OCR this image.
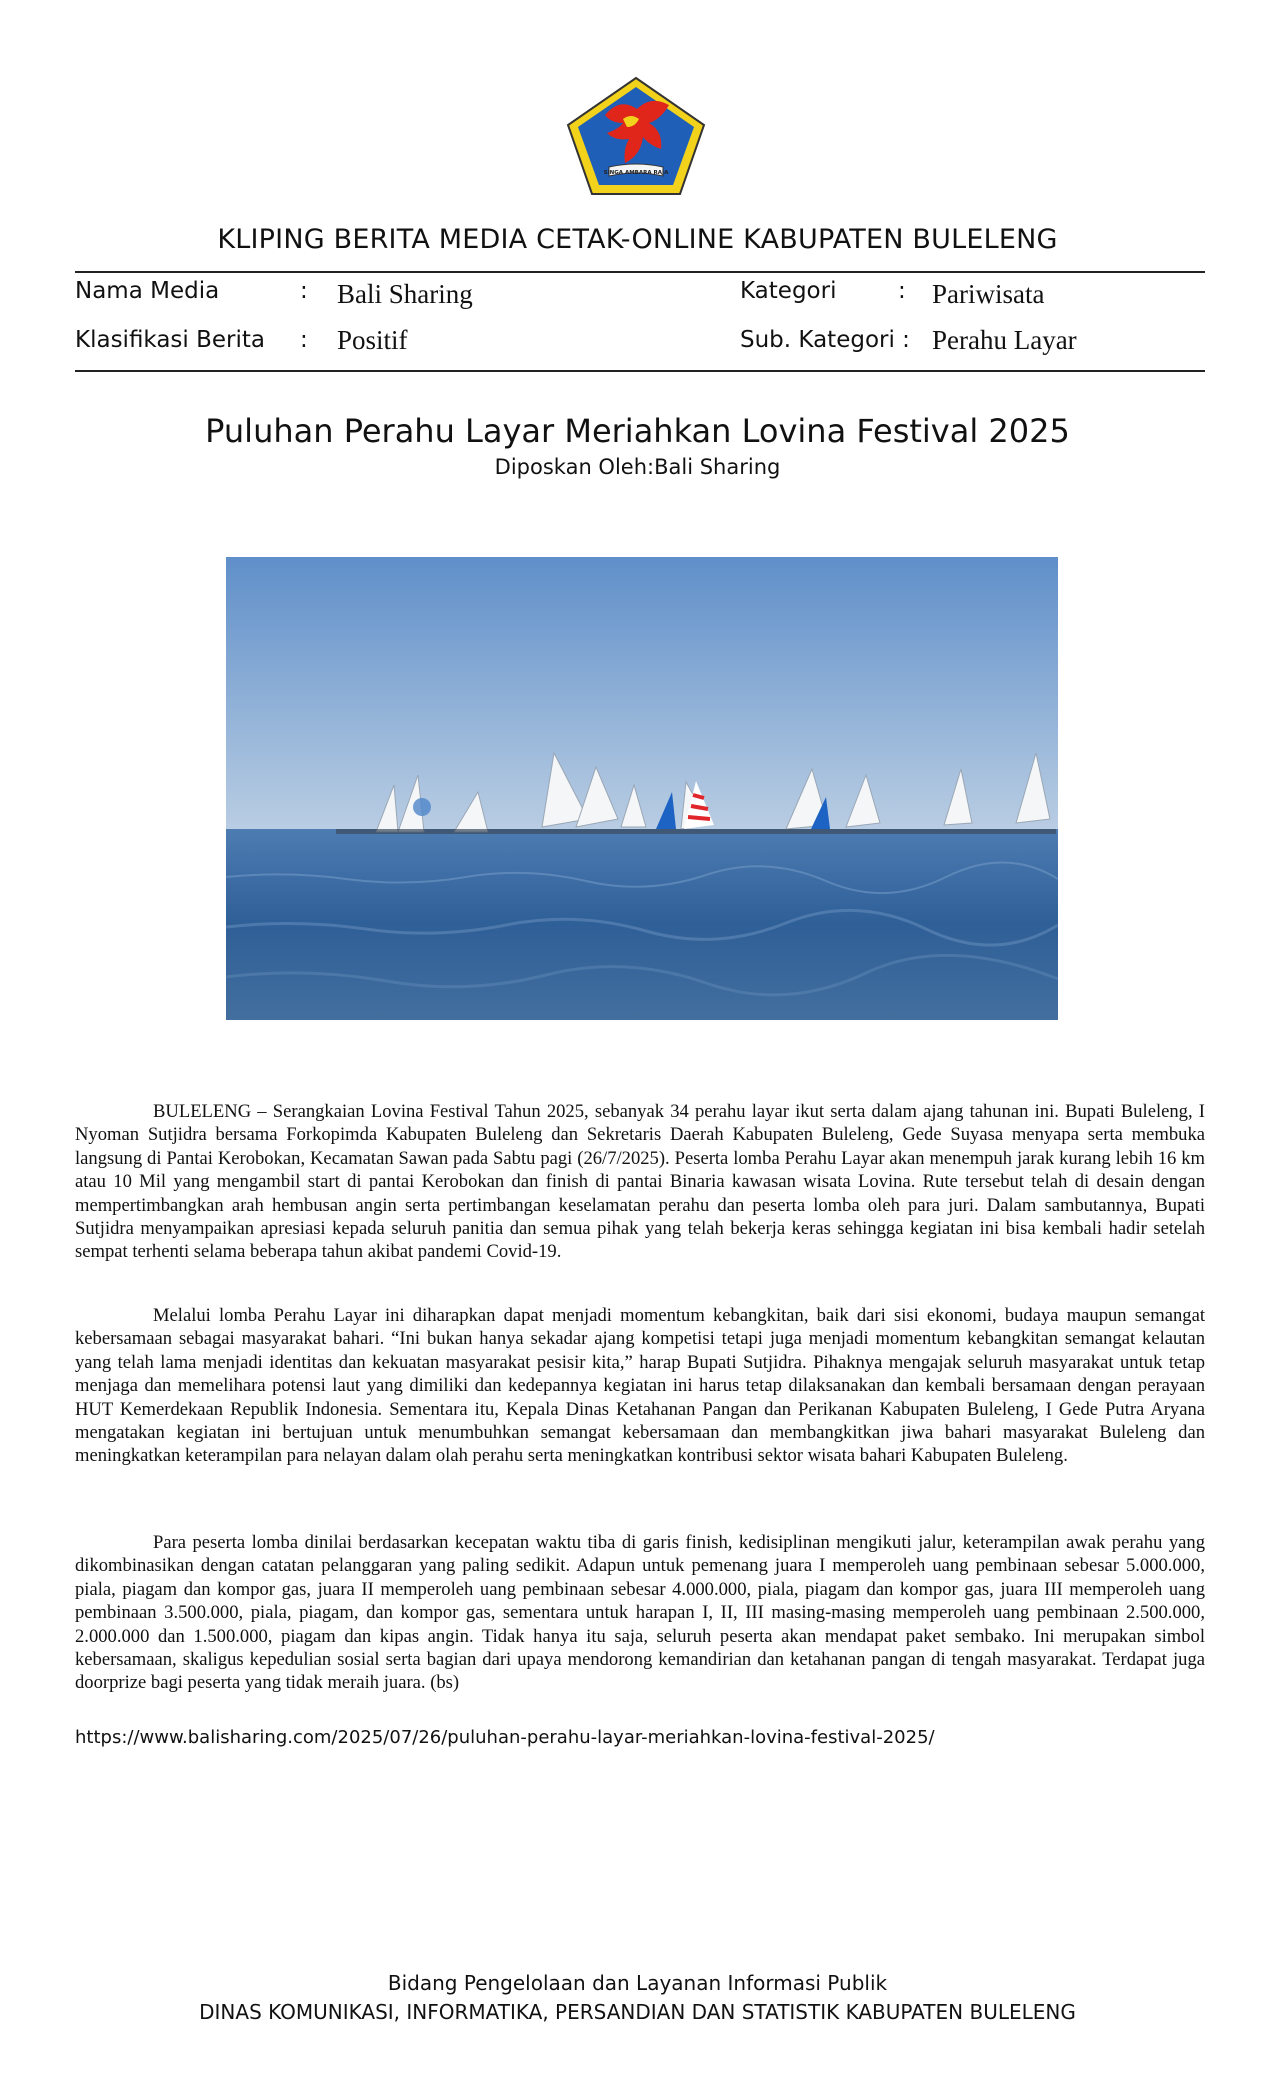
SINGA AMBARA RAJA
KLIPING BERITA MEDIA CETAK-ONLINE KABUPATEN BULELENG
Nama Media	: Bali Sharing	Kategori	: Pariwisata
Klasifikasi Berita : Positif	Sub. Kategori : Perahu Layar
Puluhan Perahu Layar Meriahkan Lovina Festival 2025
Diposkan Oleh:Bali Sharing

BULELENG – Serangkaian Lovina Festival Tahun 2025, sebanyak 34 perahu layar ikut serta dalam ajang tahunan ini. Bupati Buleleng, I Nyoman Sutjidra bersama Forkopimda Kabupaten Buleleng dan Sekretaris Daerah Kabupaten Buleleng, Gede Suyasa menyapa serta membuka langsung di Pantai Kerobokan, Kecamatan Sawan pada Sabtu pagi (26/7/2025). Peserta lomba Perahu Layar akan menempuh jarak kurang lebih 16 km atau 10 Mil yang mengambil start di pantai Kerobokan dan finish di pantai Binaria kawasan wisata Lovina. Rute tersebut telah di desain dengan mempertimbangkan arah hembusan angin serta pertimbangan keselamatan perahu dan peserta lomba oleh para juri. Dalam sambutannya, Bupati Sutjidra menyampaikan apresiasi kepada seluruh panitia dan semua pihak yang telah bekerja keras sehingga kegiatan ini bisa kembali hadir setelah sempat terhenti selama beberapa tahun akibat pandemi Covid-19.

Melalui lomba Perahu Layar ini diharapkan dapat menjadi momentum kebangkitan, baik dari sisi ekonomi, budaya maupun semangat kebersamaan sebagai masyarakat bahari. “Ini bukan hanya sekadar ajang kompetisi tetapi juga menjadi momentum kebangkitan semangat kelautan yang telah lama menjadi identitas dan kekuatan masyarakat pesisir kita,” harap Bupati Sutjidra. Pihaknya mengajak seluruh masyarakat untuk tetap menjaga dan memelihara potensi laut yang dimiliki dan kedepannya kegiatan ini harus tetap dilaksanakan dan kembali bersamaan dengan perayaan HUT Kemerdekaan Republik Indonesia. Sementara itu, Kepala Dinas Ketahanan Pangan dan Perikanan Kabupaten Buleleng, I Gede Putra Aryana mengatakan kegiatan ini bertujuan untuk menumbuhkan semangat kebersamaan dan membangkitkan jiwa bahari masyarakat Buleleng dan meningkatkan keterampilan para nelayan dalam olah perahu serta meningkatkan kontribusi sektor wisata bahari Kabupaten Buleleng.

Para peserta lomba dinilai berdasarkan kecepatan waktu tiba di garis finish, kedisiplinan mengikuti jalur, keterampilan awak perahu yang dikombinasikan dengan catatan pelanggaran yang paling sedikit. Adapun untuk pemenang juara I memperoleh uang pembinaan sebesar 5.000.000, piala, piagam dan kompor gas, juara II memperoleh uang pembinaan sebesar 4.000.000, piala, piagam dan kompor gas, juara III memperoleh uang pembinaan 3.500.000, piala, piagam, dan kompor gas, sementara untuk harapan I, II, III masing-masing memperoleh uang pembinaan 2.500.000, 2.000.000 dan 1.500.000, piagam dan kipas angin. Tidak hanya itu saja, seluruh peserta akan mendapat paket sembako. Ini merupakan simbol kebersamaan, skaligus kepedulian sosial serta bagian dari upaya mendorong kemandirian dan ketahanan pangan di tengah masyarakat. Terdapat juga doorprize bagi peserta yang tidak meraih juara. (bs)

https://www.balisharing.com/2025/07/26/puluhan-perahu-layar-meriahkan-lovina-festival-2025/
Bidang Pengelolaan dan Layanan Informasi Publik
DINAS KOMUNIKASI, INFORMATIKA, PERSANDIAN DAN STATISTIK KABUPATEN BULELENG
